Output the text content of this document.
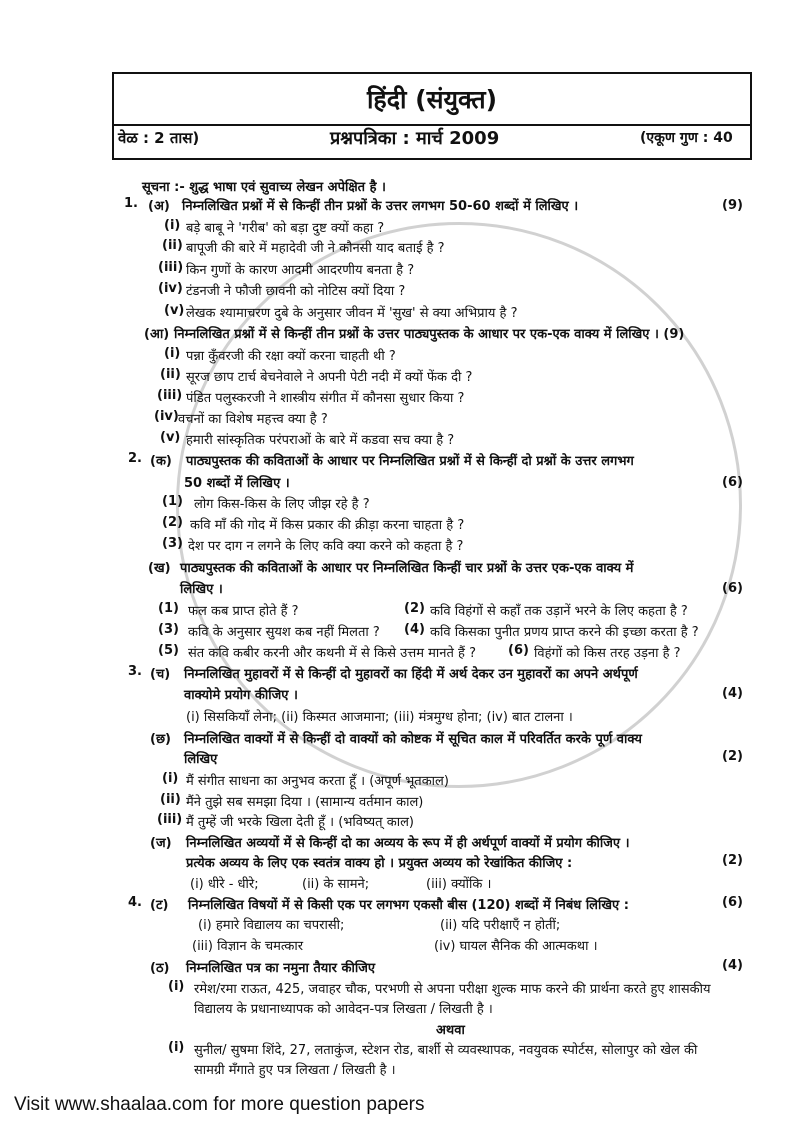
हिंदी (संयुक्त)
वेळ : 2 तास)	प्रश्नपत्रिका : मार्च 2009	(एकूण गुण : 40
सूचना :- शुद्ध भाषा एवं सुवाच्य लेखन अपेक्षित है ।
1. (अ) निम्नलिखित प्रश्नों में से किन्हीं तीन प्रश्नों के उत्तर लगभग 50-60 शब्दों में लिखिए ।	(9)
(i) बड़े बाबू ने 'गरीब' को बड़ा दुष्ट क्यों कहा ?
(ii) बापूजी की बारे में महादेवी जी ने कौनसी याद बताई है ?
(iii) किन गुणों के कारण आदमी आदरणीय बनता है ?
(iv) टंडनजी ने फौजी छावनी को नोटिस क्यों दिया ?
(v) लेखक श्यामाचरण दुबे के अनुसार जीवन में 'सुख' से क्या अभिप्राय है ?
(आ) निम्नलिखित प्रश्नों में से किन्हीं तीन प्रश्नों के उत्तर पाठ्यपुस्तक के आधार पर एक-एक वाक्य में लिखिए । (9)
(i) पन्ना कुँवरजी की रक्षा क्यों करना चाहती थी ?
(ii) सूरज छाप टार्च बेचनेवाले ने अपनी पेटी नदी में क्यों फेंक दी ?
(iii) पंडित पलुस्करजी ने शास्त्रीय संगीत में कौनसा सुधार किया ?
(iv) वचनों का विशेष महत्त्व क्या है ?
(v) हमारी सांस्कृतिक परंपराओं के बारे में कडवा सच क्या है ?
2. (क) पाठ्यपुस्तक की कविताओं के आधार पर निम्नलिखित प्रश्नों में से किन्हीं दो प्रश्नों के उत्तर लगभग
50 शब्दों में लिखिए ।	(6)
(1) लोग किस-किस के लिए जीझ रहे है ?
(2) कवि माँ की गोद में किस प्रकार की क्रीड़ा करना चाहता है ?
(3) देश पर दाग न लगने के लिए कवि क्या करने को कहता है ?
(ख) पाठ्यपुस्तक की कविताओं के आधार पर निम्नलिखित किन्हीं चार प्रश्नों के उत्तर एक-एक वाक्य में
लिखिए ।	(6)
(1) फल कब प्राप्त होते हैं ?	(2) कवि विहंगों से कहाँ तक उड़ानें भरने के लिए कहता है ?
(3) कवि के अनुसार सुयश कब नहीं मिलता ? (4) कवि किसका पुनीत प्रणय प्राप्त करने की इच्छा करता है ?
(5) संत कवि कबीर करनी और कथनी में से किसे उत्तम मानते हैं ? (6) विहंगों को किस तरह उड़ना है ?
3. (च) निम्नलिखित मुहावरों में से किन्हीं दो मुहावरों का हिंदी में अर्थ देकर उन मुहावरों का अपने अर्थपूर्ण
वाक्योमे प्रयोग कीजिए ।	(4)
(i) सिसकियाँ लेना; (ii) किस्मत आजमाना; (iii) मंत्रमुग्ध होना; (iv) बात टालना ।
(छ) निम्नलिखित वाक्यों में से किन्हीं दो वाक्यों को कोष्टक में सूचित काल में परिवर्तित करके पूर्ण वाक्य
लिखिए	(2)
(i) मैं संगीत साधना का अनुभव करता हूँ । (अपूर्ण भूतकाल)
(ii) मैंने तुझे सब समझा दिया । (सामान्य वर्तमान काल)
(iii) मैं तुम्हें जी भरके खिला देती हूँ । (भविष्यत् काल)
(ज) निम्नलिखित अव्ययों में से किन्हीं दो का अव्यय के रूप में ही अर्थपूर्ण वाक्यों में प्रयोग कीजिए ।
प्रत्येक अव्यय के लिए एक स्वतंत्र वाक्य हो । प्रयुक्त अव्यय को रेखांकित कीजिए :	(2)
(i) धीरे - धीरे;	(ii) के सामने;	(iii) क्योंकि ।
4. (ट) निम्नलिखित विषयों में से किसी एक पर लगभग एकसौ बीस (120) शब्दों में निबंध लिखिए :	(6)
(i) हमारे विद्यालय का चपरासी;	(ii) यदि परीक्षाएँ न होतीं;
(iii) विज्ञान के चमत्कार	(iv) घायल सैनिक की आत्मकथा ।
(ठ) निम्नलिखित पत्र का नमुना तैयार कीजिए	(4)
(i) रमेश/रमा राऊत, 425, जवाहर चौक, परभणी से अपना परीक्षा शुल्क माफ करने की प्रार्थना करते हुए शासकीय
विद्यालय के प्रधानाध्यापक को आवेदन-पत्र लिखता / लिखती है ।
अथवा
(i) सुनील/ सुषमा शिंदे, 27, लताकुंज, स्टेशन रोड, बार्शी से व्यवस्थापक, नवयुवक स्पोर्टस, सोलापुर को खेल की
सामग्री मँगाते हुए पत्र लिखता / लिखती है ।
Visit www.shaalaa.com for more question papers
